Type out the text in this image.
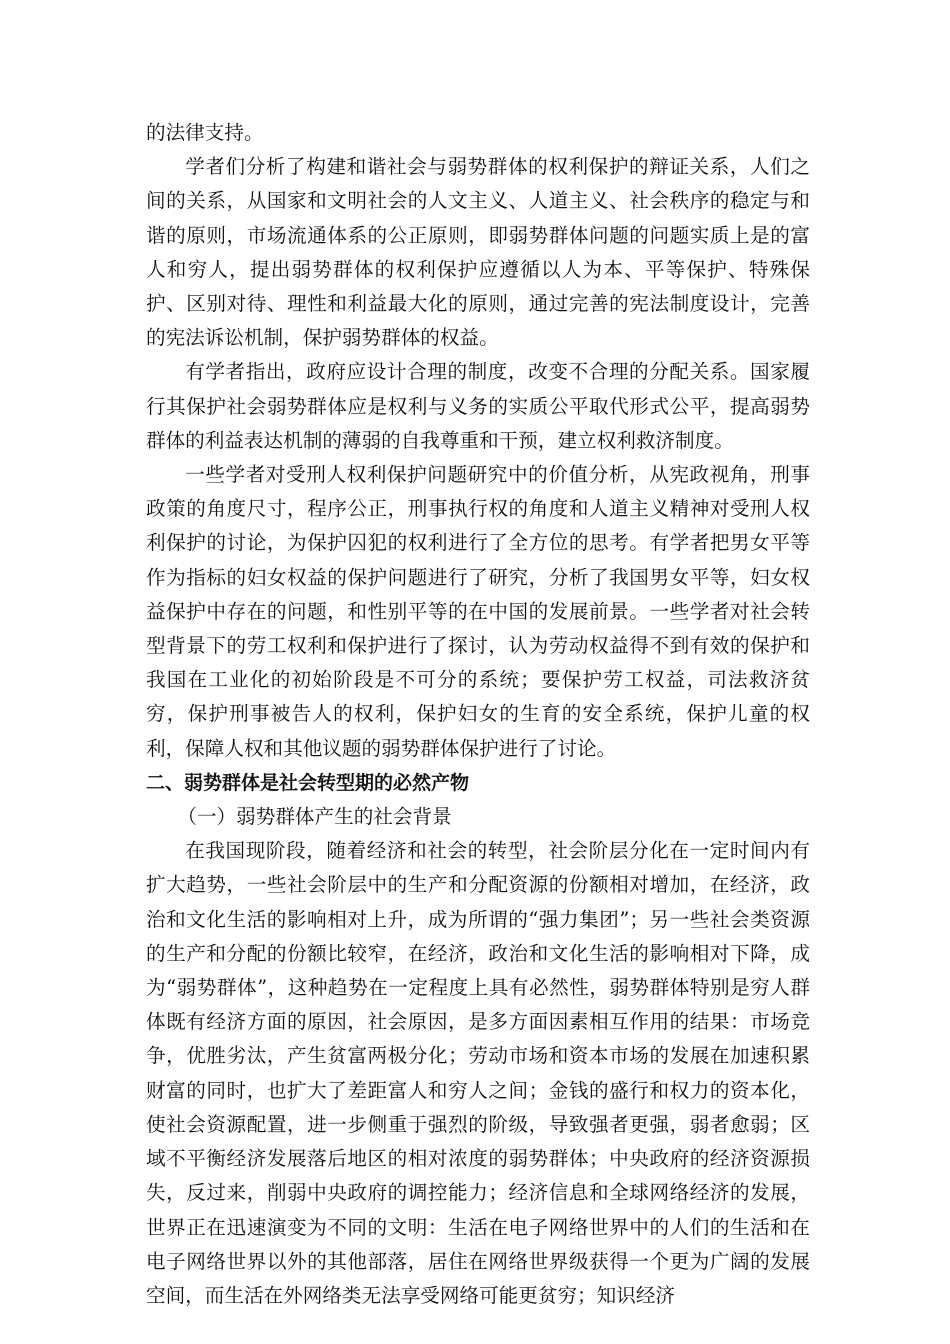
的法律支持。

学者们分析了构建和谐社会与弱势群体的权利保护的辩证关系，人们之间的关系，从国家和文明社会的人文主义、人道主义、社会秩序的稳定与和谐的原则，市场流通体系的公正原则，即弱势群体问题的问题实质上是的富人和穷人，提出弱势群体的权利保护应遵循以人为本、平等保护、特殊保护、区别对待、理性和利益最大化的原则，通过完善的宪法制度设计，完善的宪法诉讼机制，保护弱势群体的权益。

有学者指出，政府应设计合理的制度，改变不合理的分配关系。国家履行其保护社会弱势群体应是权利与义务的实质公平取代形式公平，提高弱势群体的利益表达机制的薄弱的自我尊重和干预，建立权利救济制度。

一些学者对受刑人权利保护问题研究中的价值分析，从宪政视角，刑事政策的角度尺寸，程序公正，刑事执行权的角度和人道主义精神对受刑人权利保护的讨论，为保护囚犯的权利进行了全方位的思考。有学者把男女平等作为指标的妇女权益的保护问题进行了研究，分析了我国男女平等，妇女权益保护中存在的问题，和性别平等的在中国的发展前景。一些学者对社会转型背景下的劳工权利和保护进行了探讨，认为劳动权益得不到有效的保护和我国在工业化的初始阶段是不可分的系统；要保护劳工权益，司法救济贫穷，保护刑事被告人的权利，保护妇女的生育的安全系统，保护儿童的权利，保障人权和其他议题的弱势群体保护进行了讨论。

二、弱势群体是社会转型期的必然产物

（一）弱势群体产生的社会背景

在我国现阶段，随着经济和社会的转型，社会阶层分化在一定时间内有扩大趋势，一些社会阶层中的生产和分配资源的份额相对增加，在经济，政治和文化生活的影响相对上升，成为所谓的“强力集团”；另一些社会类资源的生产和分配的份额比较窄，在经济，政治和文化生活的影响相对下降，成为“弱势群体”，这种趋势在一定程度上具有必然性，弱势群体特别是穷人群体既有经济方面的原因，社会原因，是多方面因素相互作用的结果：市场竞争，优胜劣汰，产生贫富两极分化；劳动市场和资本市场的发展在加速积累财富的同时，也扩大了差距富人和穷人之间；金钱的盛行和权力的资本化，使社会资源配置，进一步侧重于强烈的阶级，导致强者更强，弱者愈弱；区域不平衡经济发展落后地区的相对浓度的弱势群体；中央政府的经济资源损失，反过来，削弱中央政府的调控能力；经济信息和全球网络经济的发展，世界正在迅速演变为不同的文明：生活在电子网络世界中的人们的生活和在电子网络世界以外的其他部落，居住在网络世界级获得一个更为广阔的发展空间，而生活在外网络类无法享受网络可能更贫穷；知识经济
